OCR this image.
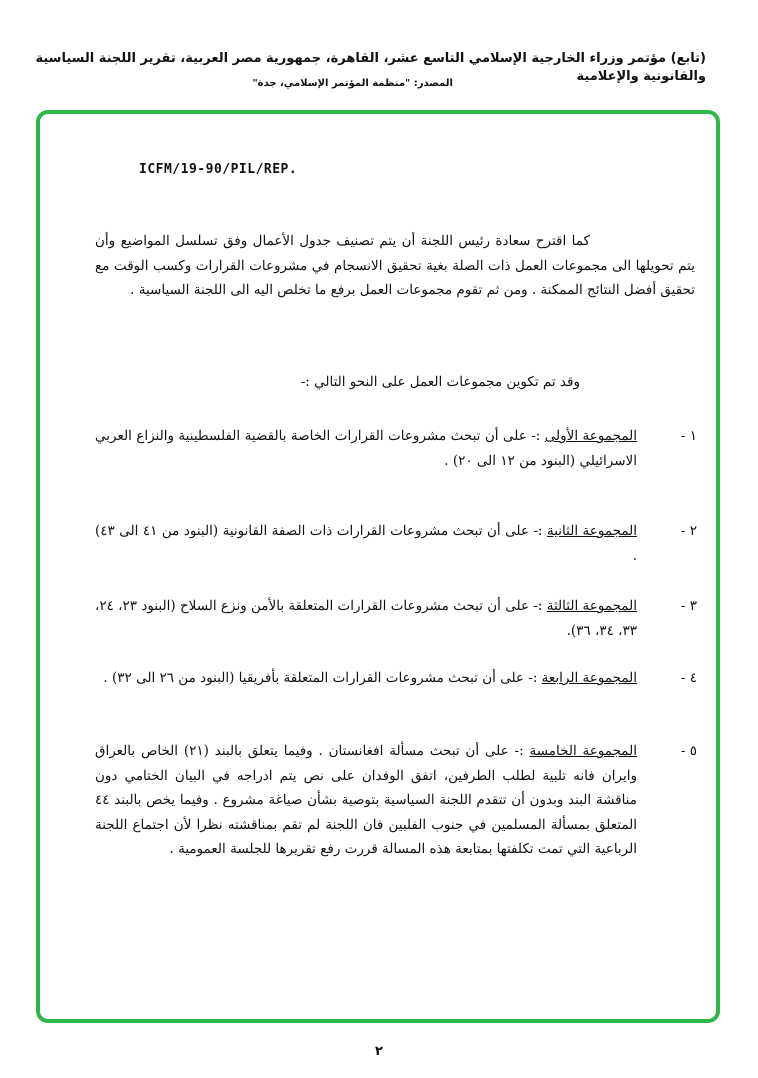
(تابع) مؤتمر وزراء الخارجية الإسلامي التاسع عشر، القاهرة، جمهورية مصر العربية، تقرير اللجنة السياسية والقانونية والإعلامية
المصدر: "منظمة المؤتمر الإسلامي، جدة"
ICFM/19-90/PIL/REP.
كما اقترح سعادة رئيس اللجنة أن يتم تصنيف جدول الأعمال وفق تسلسل المواضيع وأن يتم تحويلها الى مجموعات العمل ذات الصلة بغية تحقيق الانسجام في مشروعات القرارات وكسب الوقت مع تحقيق أفضل النتائج الممكنة . ومن ثم تقوم مجموعات العمل برفع ما تخلص اليه الى اللجنة السياسية .
وقد تم تكوين مجموعات العمل على النحو التالي :-
١ -
المجموعة الأولى :- على أن تبحث مشروعات القرارات الخاصة بالقضية الفلسطينية والنزاع العربي الاسرائيلي (البنود من ١٢ الى ٢٠) .
٢ -
المجموعة الثانية :- على أن تبحث مشروعات القرارات ذات الصفة القانونية (البنود من ٤١ الى ٤٣) .
٣ -
المجموعة الثالثة :- على أن تبحث مشروعات القرارات المتعلقة بالأمن ونزع السلاح (البنود ٢٣، ٢٤، ٣٣، ٣٤، ٣٦).
٤ -
المجموعة الرابعة :- على أن تبحث مشروعات القرارات المتعلقة بأفريقيا (البنود من ٢٦ الى ٣٢) .
٥ -
المجموعة الخامسة :- على أن تبحث مسألة افغانستان . وفيما يتعلق بالبند (٢١) الخاص بالعراق وايران فانه تلبية لطلب الطرفين، اتفق الوفدان على نص يتم ادراجه في البيان الختامي دون مناقشة البند وبدون أن تتقدم اللجنة السياسية بتوصية بشأن صياغة مشروع . وفيما يخص بالبند ٤٤ المتعلق بمسألة المسلمين في جنوب الفلبين فان اللجنة لم تقم بمناقشته نظرا لأن اجتماع اللجنة الرباعية التي تمت تكلفتها بمتابعة هذه المسالة قررت رفع تقريرها للجلسة العمومية .
٢
